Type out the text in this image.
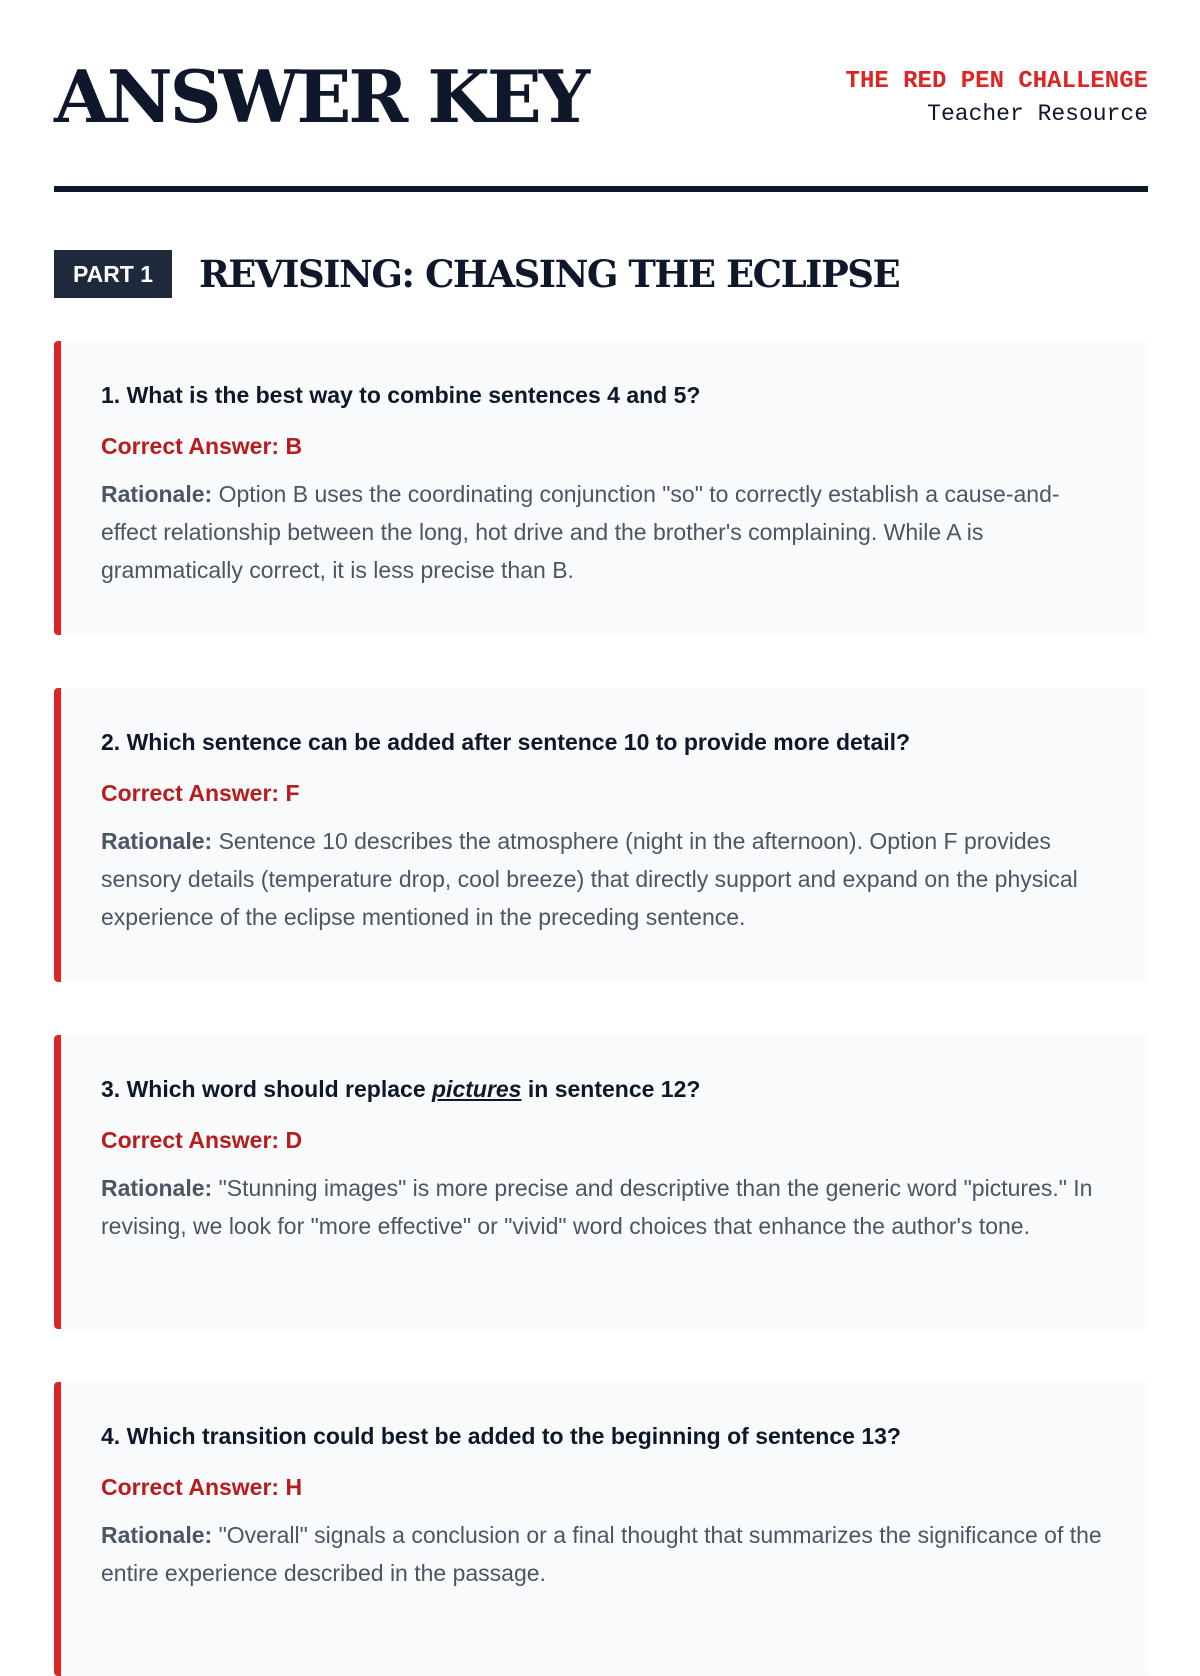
ANSWER KEY	THE RED PEN CHALLENGE
Teacher Resource
PART 1	REVISING: CHASING THE ECLIPSE

1. What is the best way to combine sentences 4 and 5?

Correct Answer: B

Rationale: Option B uses the coordinating conjunction "so" to correctly establish a cause-and-effect relationship between the long, hot drive and the brother's complaining. While A is grammatically correct, it is less precise than B.

2. Which sentence can be added after sentence 10 to provide more detail?

Correct Answer: F

Rationale: Sentence 10 describes the atmosphere (night in the afternoon). Option F provides sensory details (temperature drop, cool breeze) that directly support and expand on the physical experience of the eclipse mentioned in the preceding sentence.

3. Which word should replace pictures in sentence 12?

Correct Answer: D

Rationale: "Stunning images" is more precise and descriptive than the generic word "pictures." In revising, we look for "more effective" or "vivid" word choices that enhance the author's tone.

4. Which transition could best be added to the beginning of sentence 13?

Correct Answer: H

Rationale: "Overall" signals a conclusion or a final thought that summarizes the significance of the entire experience described in the passage.
